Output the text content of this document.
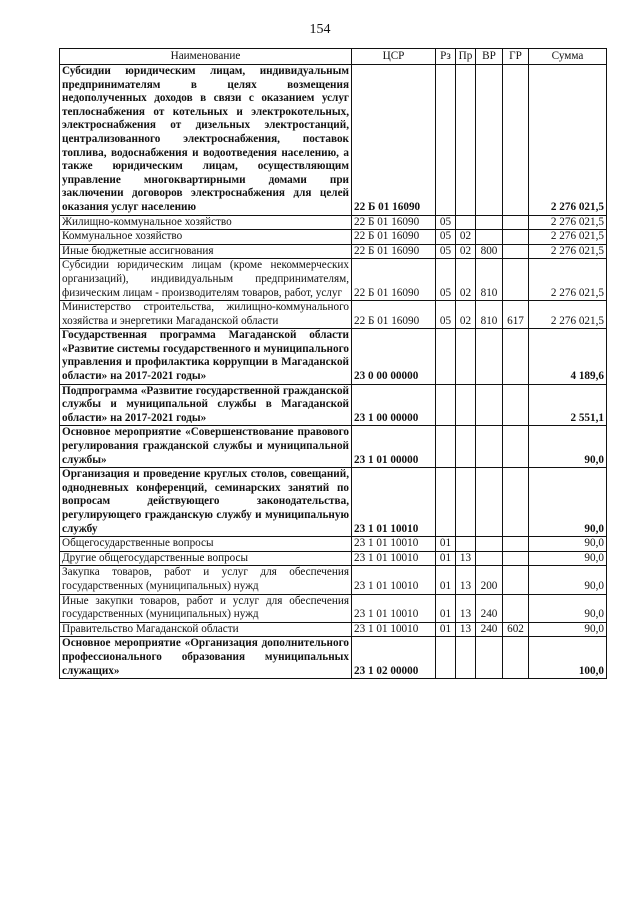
154
Наименование	ЦСР	Рз	Пр	ВР	ГР	Сумма
Субсидии юридическим лицам, индивидуальным предпринимателям в целях возмещения недополученных доходов в связи с оказанием услуг теплоснабжения от котельных и электрокотельных, электроснабжения от дизельных электростанций, централизованного электроснабжения, поставок топлива, водоснабжения и водоотведения населению, а также юридическим лицам, осуществляющим управление многоквартирными домами при заключении договоров электроснабжения для целей оказания услуг населению	22 Б 01 16090					2 276 021,5
Жилищно-коммунальное хозяйство	22 Б 01 16090	05				2 276 021,5
Коммунальное хозяйство	22 Б 01 16090	05	02			2 276 021,5
Иные бюджетные ассигнования	22 Б 01 16090	05	02	800		2 276 021,5
Субсидии юридическим лицам (кроме некоммерческих организаций), индивидуальным предпринимателям, физическим лицам - производителям товаров, работ, услуг	22 Б 01 16090	05	02	810		2 276 021,5
Министерство строительства, жилищно-коммунального хозяйства и энергетики Магаданской области	22 Б 01 16090	05	02	810	617	2 276 021,5
Государственная программа Магаданской области «Развитие системы государственного и муниципального управления и профилактика коррупции в Магаданской области» на 2017-2021 годы»	23 0 00 00000					4 189,6
Подпрограмма «Развитие государственной гражданской службы и муниципальной службы в Магаданской области» на 2017-2021 годы»	23 1 00 00000					2 551,1
Основное мероприятие «Совершенствование правового регулирования гражданской службы и муниципальной службы»	23 1 01 00000					90,0
Организация и проведение круглых столов, совещаний, однодневных конференций, семинарских занятий по вопросам действующего законодательства, регулирующего гражданскую службу и муниципальную службу	23 1 01 10010					90,0
Общегосударственные вопросы	23 1 01 10010	01				90,0
Другие общегосударственные вопросы	23 1 01 10010	01	13			90,0
Закупка товаров, работ и услуг для обеспечения государственных (муниципальных) нужд	23 1 01 10010	01	13	200		90,0
Иные закупки товаров, работ и услуг для обеспечения государственных (муниципальных) нужд	23 1 01 10010	01	13	240		90,0
Правительство Магаданской области	23 1 01 10010	01	13	240	602	90,0
Основное мероприятие «Организация дополнительного профессионального образования муниципальных служащих»	23 1 02 00000					100,0
